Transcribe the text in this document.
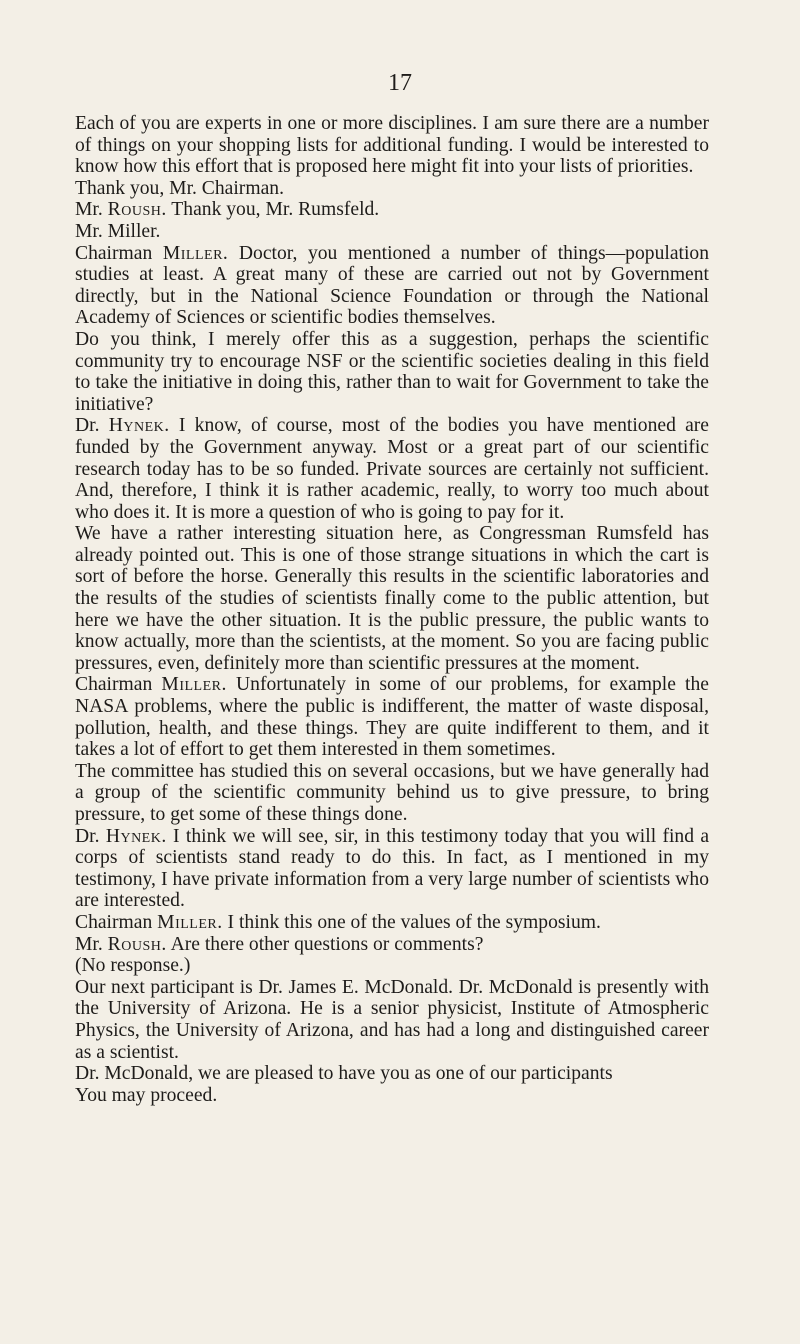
17

Each of you are experts in one or more disciplines. I am sure there are a number of things on your shopping lists for additional funding. I would be interested to know how this effort that is proposed here might fit into your lists of priorities.

Thank you, Mr. Chairman.

Mr. Roush. Thank you, Mr. Rumsfeld.

Mr. Miller.

Chairman Miller. Doctor, you mentioned a number of things—population studies at least. A great many of these are carried out not by Government directly, but in the National Science Foundation or through the National Academy of Sciences or scientific bodies themselves.

Do you think, I merely offer this as a suggestion, perhaps the scientific community try to encourage NSF or the scientific societies dealing in this field to take the initiative in doing this, rather than to wait for Government to take the initiative?

Dr. Hynek. I know, of course, most of the bodies you have mentioned are funded by the Government anyway. Most or a great part of our scientific research today has to be so funded. Private sources are certainly not sufficient. And, therefore, I think it is rather academic, really, to worry too much about who does it. It is more a question of who is going to pay for it.

We have a rather interesting situation here, as Congressman Rumsfeld has already pointed out. This is one of those strange situations in which the cart is sort of before the horse. Generally this results in the scientific laboratories and the results of the studies of scientists finally come to the public attention, but here we have the other situation. It is the public pressure, the public wants to know actually, more than the scientists, at the moment. So you are facing public pressures, even, definitely more than scientific pressures at the moment.

Chairman Miller. Unfortunately in some of our problems, for example the NASA problems, where the public is indifferent, the matter of waste disposal, pollution, health, and these things. They are quite indifferent to them, and it takes a lot of effort to get them interested in them sometimes.

The committee has studied this on several occasions, but we have generally had a group of the scientific community behind us to give pressure, to bring pressure, to get some of these things done.

Dr. Hynek. I think we will see, sir, in this testimony today that you will find a corps of scientists stand ready to do this. In fact, as I mentioned in my testimony, I have private information from a very large number of scientists who are interested.

Chairman Miller. I think this one of the values of the symposium.

Mr. Roush. Are there other questions or comments?

(No response.)

Our next participant is Dr. James E. McDonald. Dr. McDonald is presently with the University of Arizona. He is a senior physicist, Institute of Atmospheric Physics, the University of Arizona, and has had a long and distinguished career as a scientist.

Dr. McDonald, we are pleased to have you as one of our participants

You may proceed.
